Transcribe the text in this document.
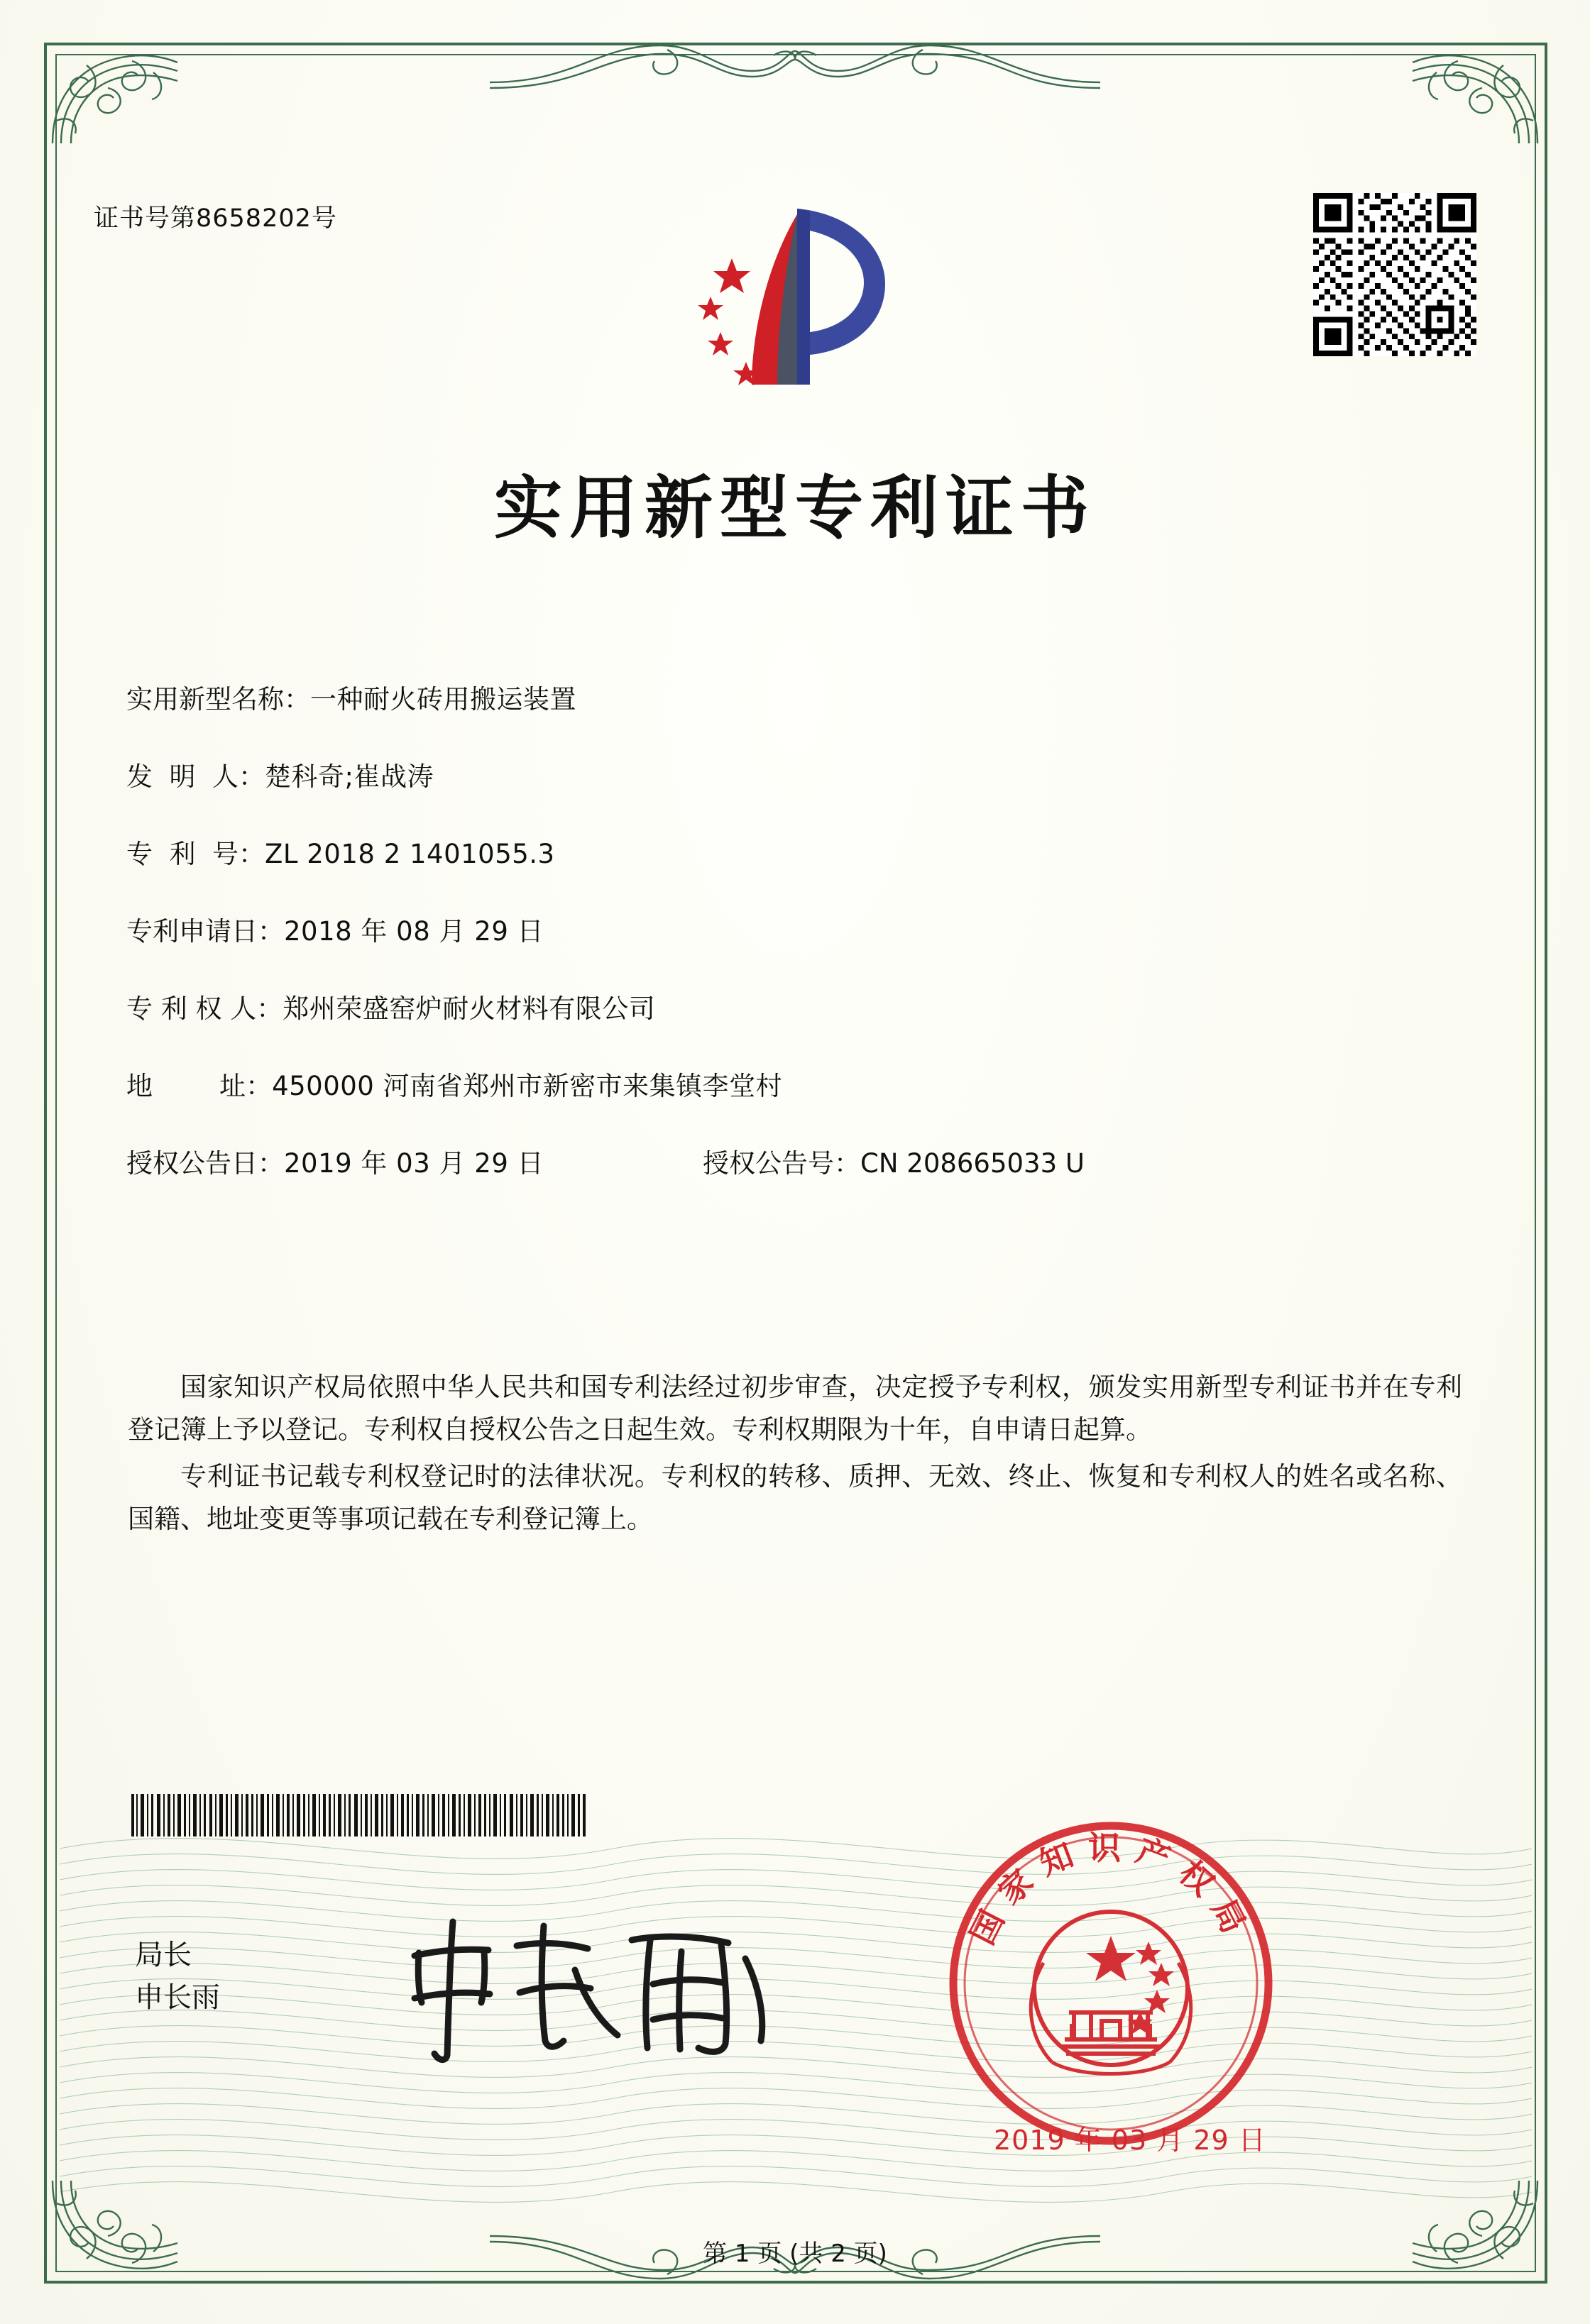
证书号第8658202号
实用新型专利证书
实用新型名称： 一种耐火砖用搬运装置
发  明  人： 楚科奇;崔战涛
专  利  号： ZL 2018 2 1401055.3
专利申请日： 2018 年 08 月 29 日
专 利 权 人： 郑州荣盛窑炉耐火材料有限公司
地        址： 450000 河南省郑州市新密市来集镇李堂村
授权公告日： 2019 年 03 月 29 日	授权公告号： CN 208665033 U

国家知识产权局依照中华人民共和国专利法经过初步审查，决定授予专利权，颁发实用新型专利证书并在专利登记簿上予以登记。专利权自授权公告之日起生效。专利权期限为十年，自申请日起算。

专利证书记载专利权登记时的法律状况。专利权的转移、质押、无效、终止、恢复和专利权人的姓名或名称、国籍、地址变更等事项记载在专利登记簿上。

局长
申长雨
国家知识产权局
2019 年 03 月 29 日
第 1 页 (共 2 页)
